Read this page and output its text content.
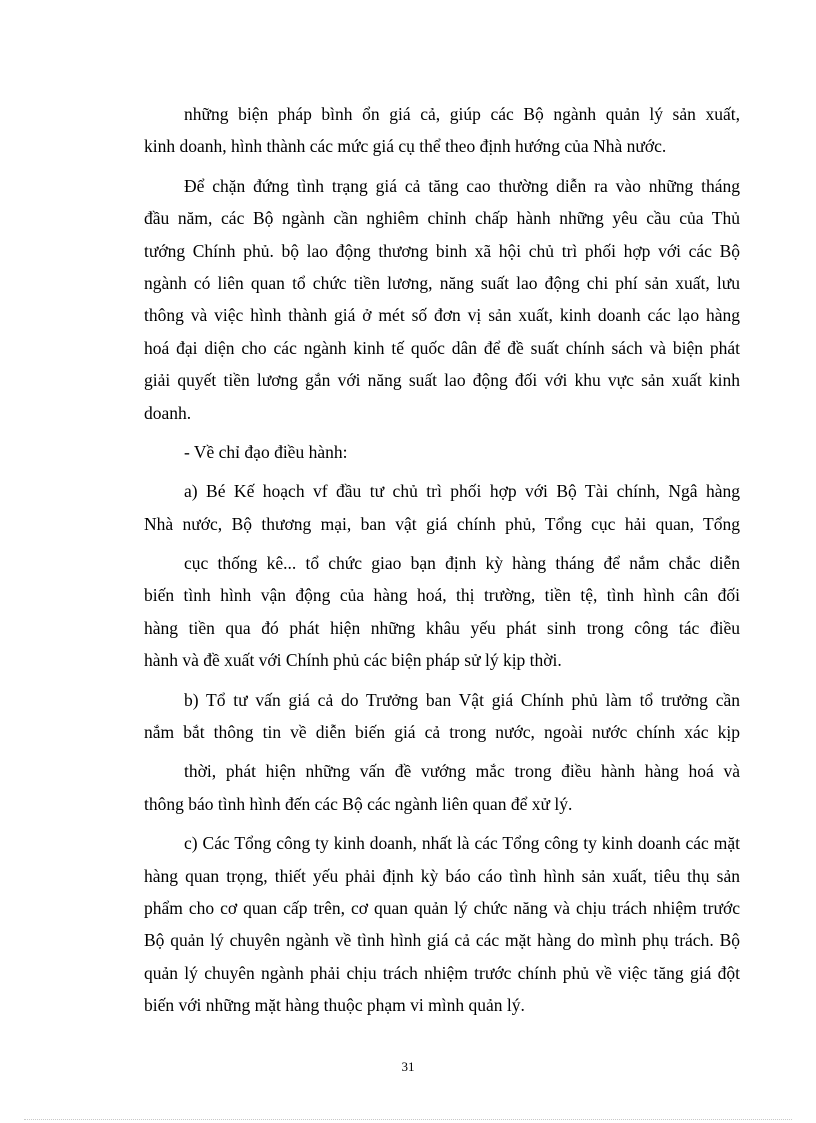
những biện pháp bình ổn giá cả, giúp các Bộ ngành quản lý sản xuất,
kinh doanh, hình thành các mức giá cụ thể theo định hướng của Nhà nước.
Để chặn đứng tình trạng giá cả tăng cao thường diễn ra vào những tháng
đầu năm, các Bộ ngành cần nghiêm chỉnh chấp hành những yêu cầu của Thủ
tướng Chính phủ. bộ lao động thương binh xã hội chủ trì phối hợp với các Bộ
ngành có liên quan tổ chức tiền lương, năng suất lao động chi phí sản xuất, lưu
thông và việc hình thành giá ở mét số đơn vị sản xuất, kinh doanh các lạo hàng
hoá đại diện cho các ngành kinh tế quốc dân để đề suất chính sách và biện phát
giải quyết tiền lương gắn với năng suất lao động đối với khu vực sản xuất kinh
doanh.
- Về chỉ đạo điều hành:
a) Bé Kế hoạch vf đầu tư chủ trì phối hợp với Bộ Tài chính, Ngâ hàng
Nhà nước, Bộ thương mại, ban vật giá chính phủ, Tổng cục hải quan, Tổng
cục thống kê... tổ chức giao bạn định kỳ hàng tháng để nắm chắc diễn
biến tình hình vận động của hàng hoá, thị trường, tiền tệ, tình hình cân đối
hàng tiền qua đó phát hiện những khâu yếu phát sinh trong công tác điều
hành và đề xuất với Chính phủ các biện pháp sử lý kịp thời.
b) Tổ tư vấn giá cả do Trưởng ban Vật giá Chính phủ làm tổ trưởng cần
nắm bắt thông tin về diễn biến giá cả trong nước, ngoài nước chính xác kịp
thời, phát hiện những vấn đề vướng mắc trong điều hành hàng hoá và
thông báo tình hình đến các Bộ các ngành liên quan để xử lý.
c) Các Tổng công ty kinh doanh, nhất là các Tổng công ty kinh doanh các mặt
hàng quan trọng, thiết yếu phải định kỳ báo cáo tình hình sản xuất, tiêu thụ sản
phẩm cho cơ quan cấp trên, cơ quan quản lý chức năng và chịu trách nhiệm trước
Bộ quản lý chuyên ngành về tình hình giá cả các mặt hàng do mình phụ trách. Bộ
quản lý chuyên ngành phải chịu trách nhiệm trước chính phủ về việc tăng giá đột
biến với những mặt hàng thuộc phạm vi mình quản lý.
31
